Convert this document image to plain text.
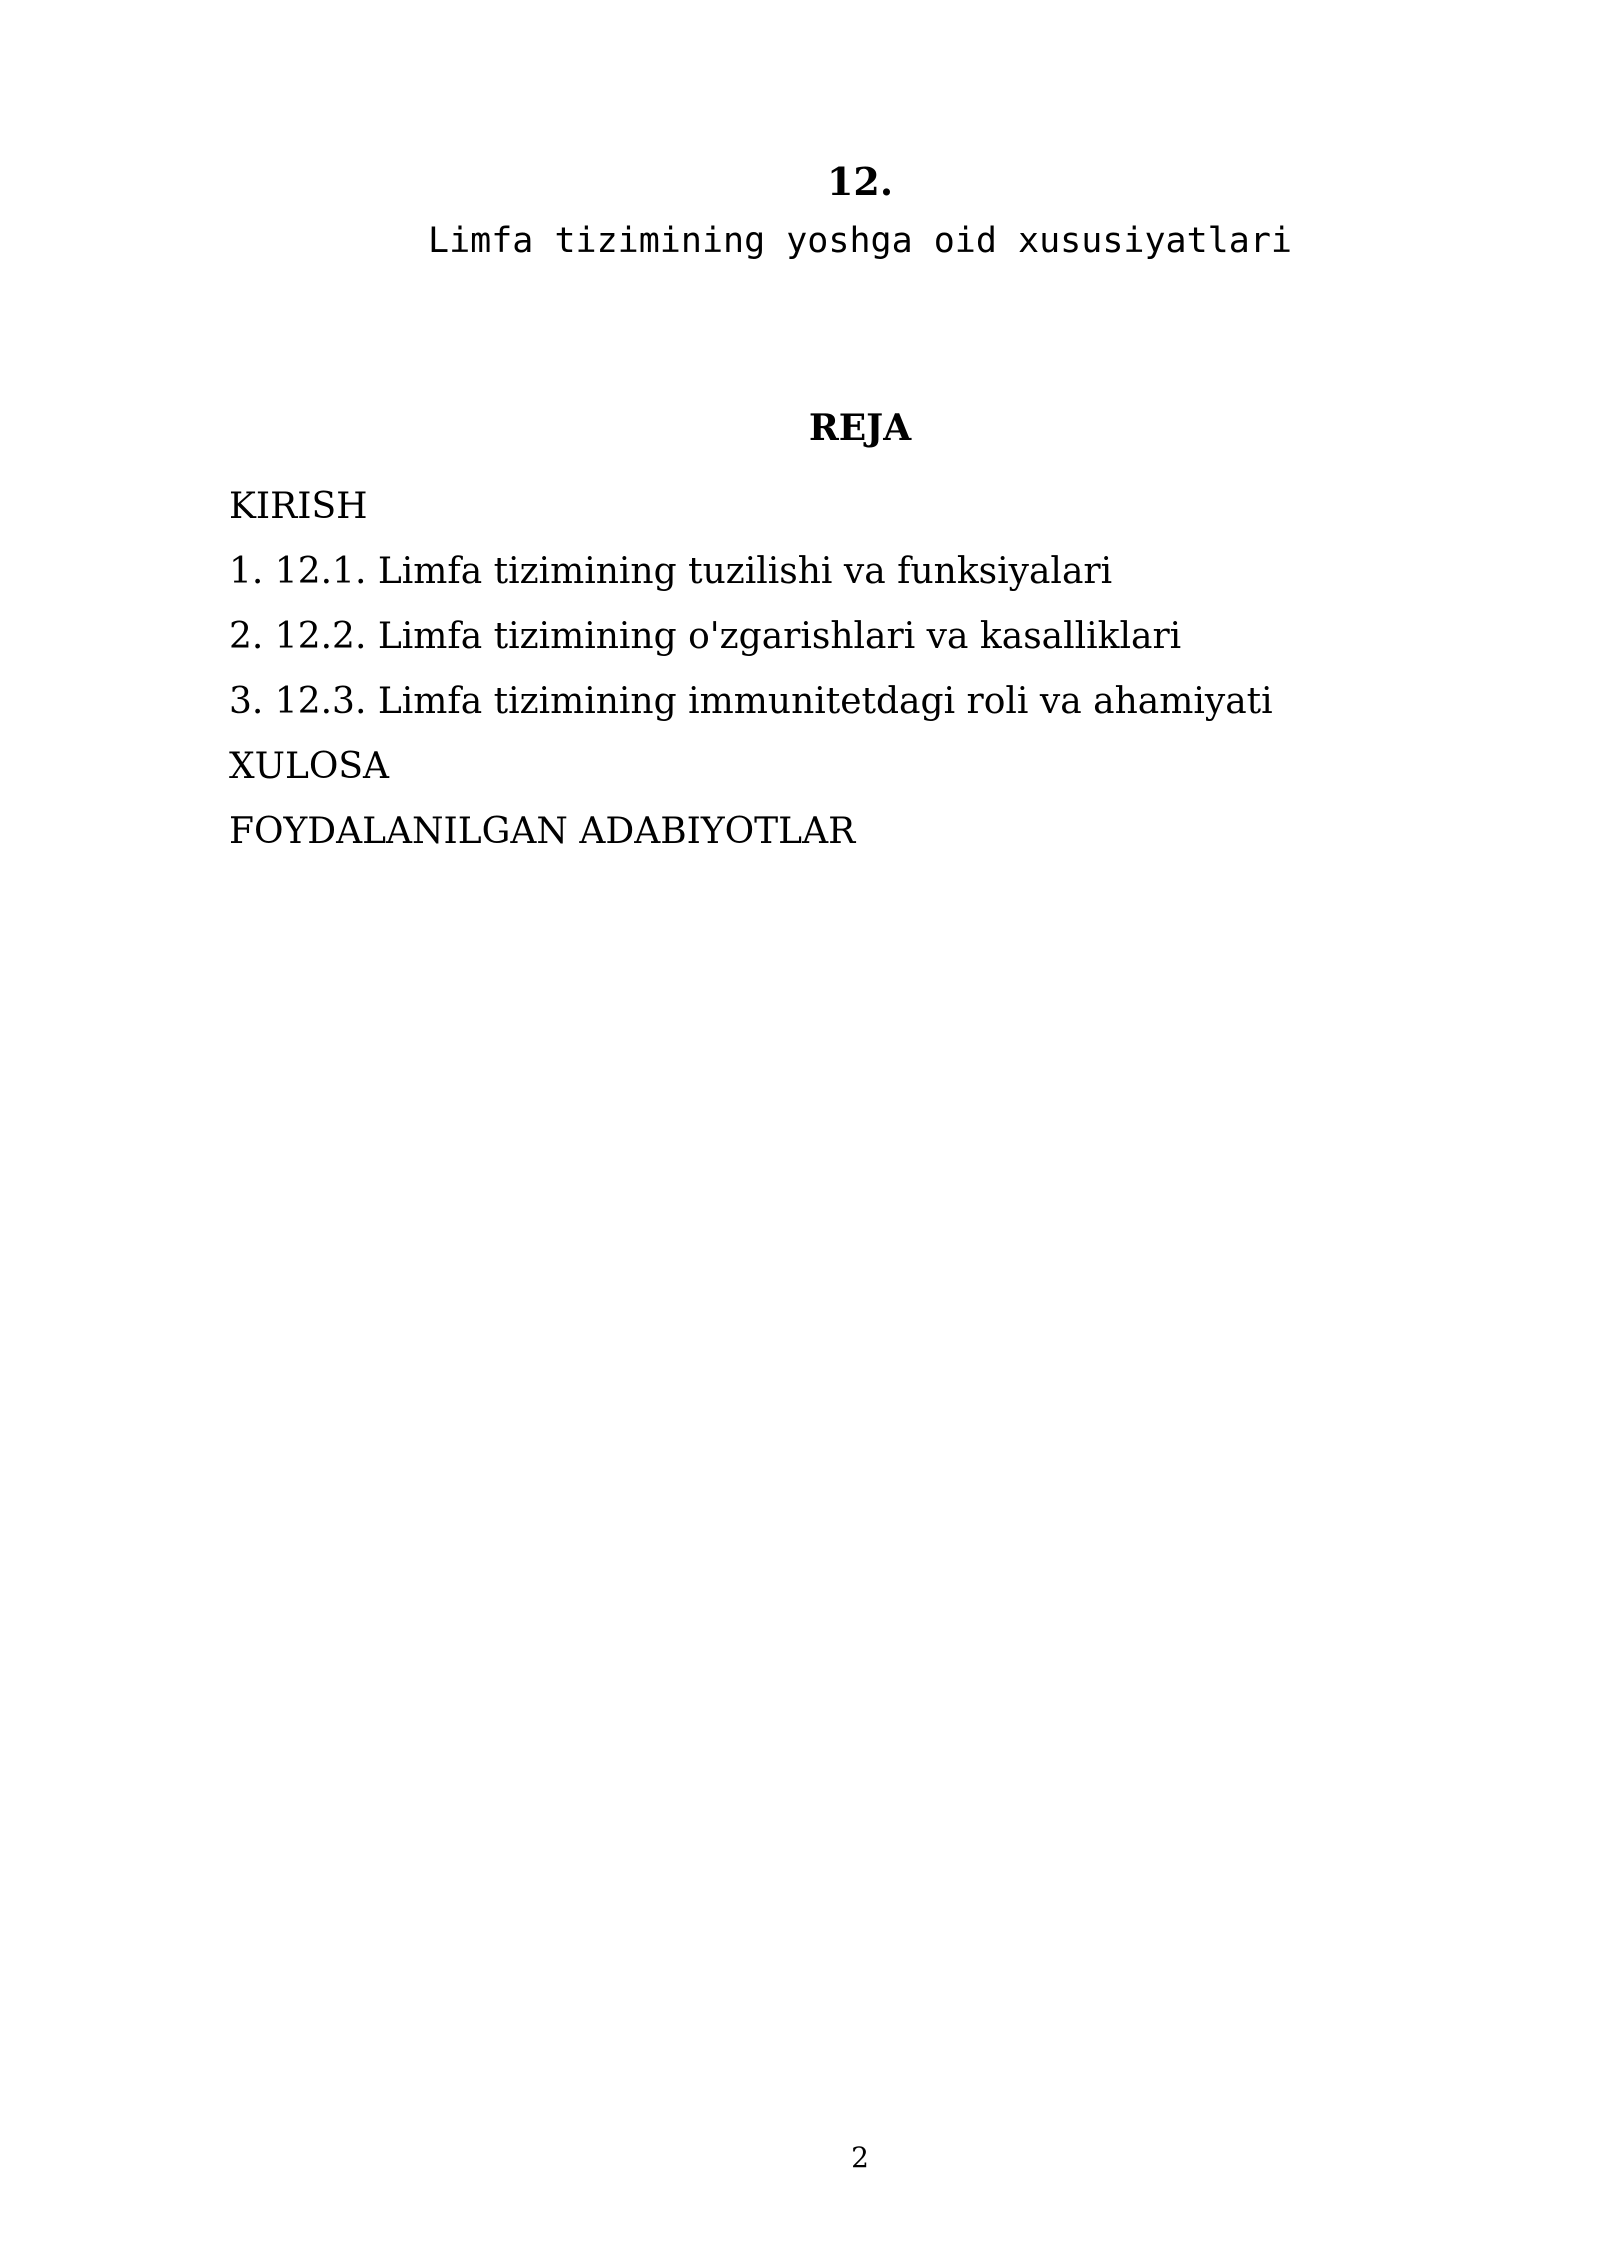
12.
Limfa tizimining yoshga oid xususiyatlari
REJA
KIRISH
1. 12.1. Limfa tizimining tuzilishi va funksiyalari
2. 12.2. Limfa tizimining o'zgarishlari va kasalliklari
3. 12.3. Limfa tizimining immunitetdagi roli va ahamiyati
XULOSA
FOYDALANILGAN ADABIYOTLAR
2
